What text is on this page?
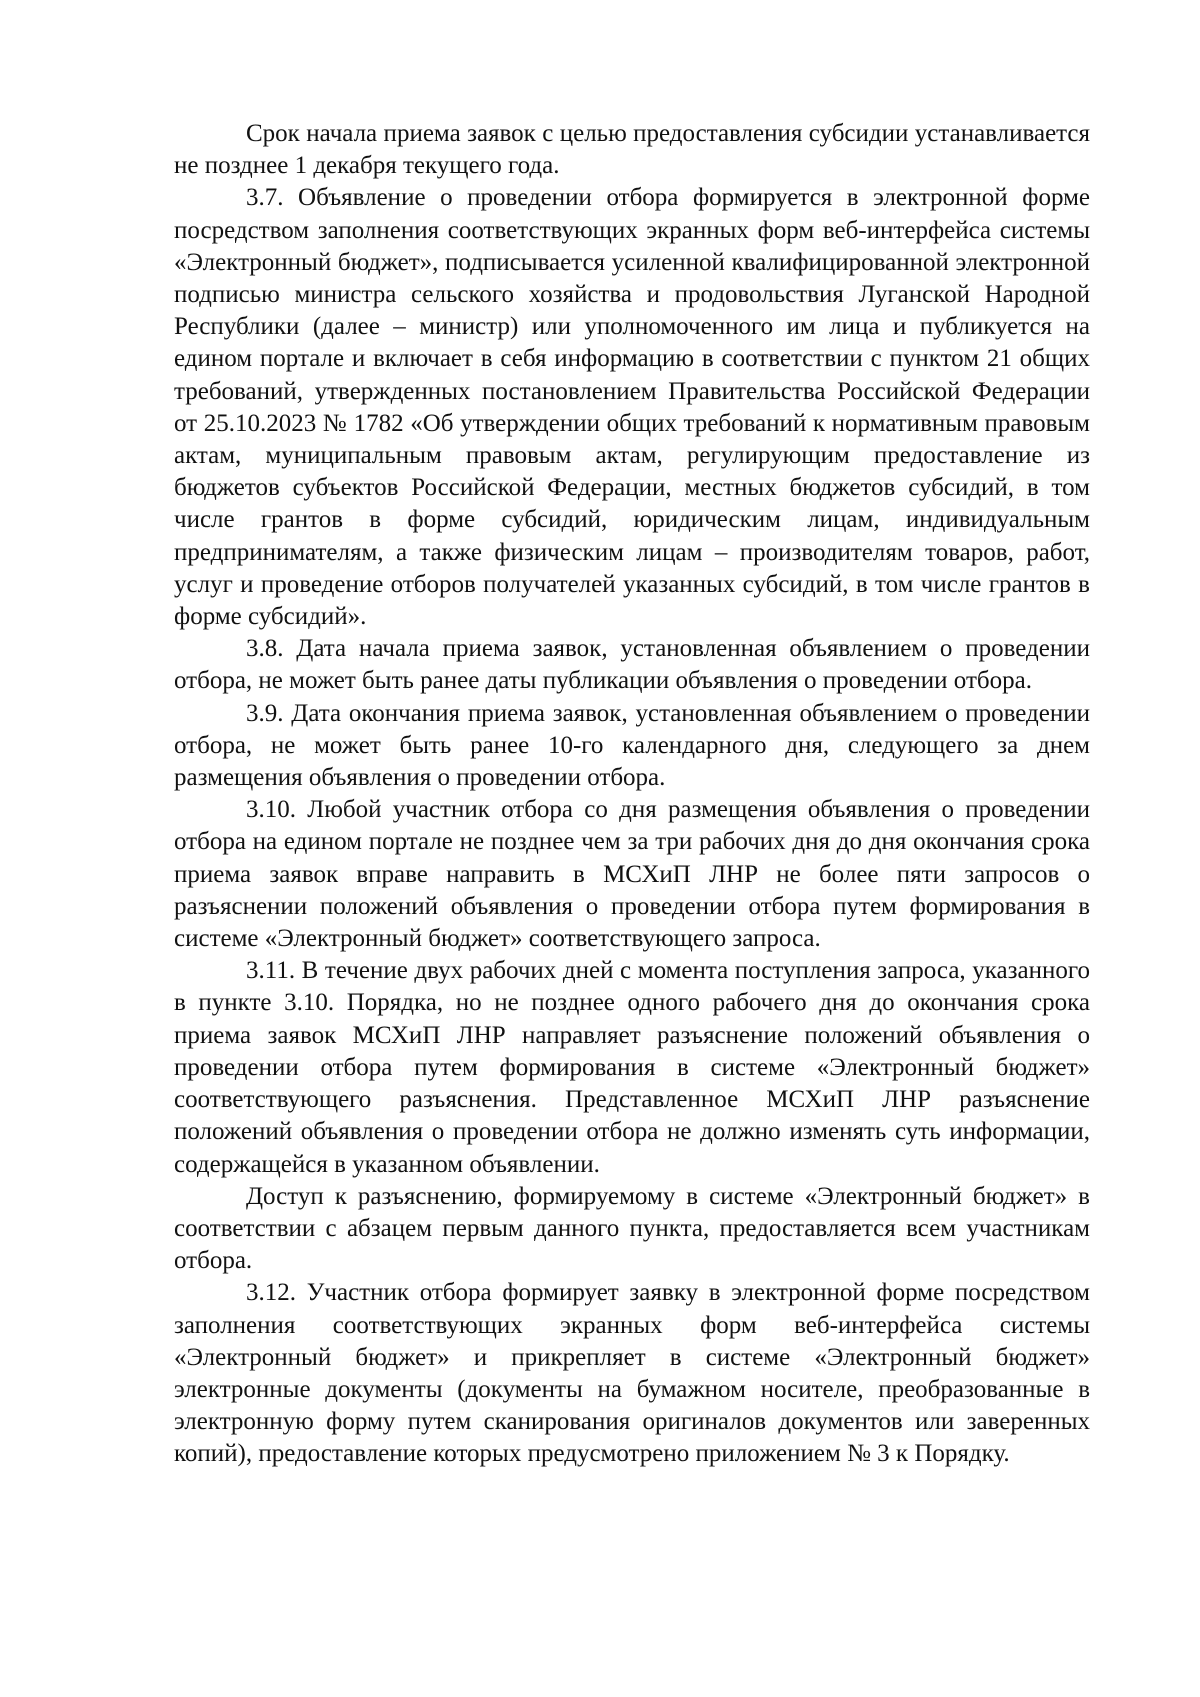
Срок начала приема заявок с целью предоставления субсидии устанавливается не позднее 1 декабря текущего года.

3.7. Объявление о проведении отбора формируется в электронной форме посредством заполнения соответствующих экранных форм веб-интерфейса системы «Электронный бюджет», подписывается усиленной квалифицированной электронной подписью министра сельского хозяйства и продовольствия Луганской Народной Республики (далее – министр) или уполномоченного им лица и публикуется на едином портале и включает в себя информацию в соответствии с пунктом 21 общих требований, утвержденных постановлением Правительства Российской Федерации от 25.10.2023 № 1782 «Об утверждении общих требований к нормативным правовым актам, муниципальным правовым актам, регулирующим предоставление из бюджетов субъектов Российской Федерации, местных бюджетов субсидий, в том числе грантов в форме субсидий, юридическим лицам, индивидуальным предпринимателям, а также физическим лицам – производителям товаров, работ, услуг и проведение отборов получателей указанных субсидий, в том числе грантов в форме субсидий».

3.8. Дата начала приема заявок, установленная объявлением о проведении отбора, не может быть ранее даты публикации объявления о проведении отбора.

3.9. Дата окончания приема заявок, установленная объявлением о проведении отбора, не может быть ранее 10-го календарного дня, следующего за днем размещения объявления о проведении отбора.

3.10. Любой участник отбора со дня размещения объявления о проведении отбора на едином портале не позднее чем за три рабочих дня до дня окончания срока приема заявок вправе направить в МСХиП ЛНР не более пяти запросов о разъяснении положений объявления о проведении отбора путем формирования в системе «Электронный бюджет» соответствующего запроса.

3.11. В течение двух рабочих дней с момента поступления запроса, указанного в пункте 3.10. Порядка, но не позднее одного рабочего дня до окончания срока приема заявок МСХиП ЛНР направляет разъяснение положений объявления о проведении отбора путем формирования в системе «Электронный бюджет» соответствующего разъяснения. Представленное МСХиП ЛНР разъяснение положений объявления о проведении отбора не должно изменять суть информации, содержащейся в указанном объявлении.

Доступ к разъяснению, формируемому в системе «Электронный бюджет» в соответствии с абзацем первым данного пункта, предоставляется всем участникам отбора.

3.12. Участник отбора формирует заявку в электронной форме посредством заполнения соответствующих экранных форм веб-интерфейса системы «Электронный бюджет» и прикрепляет в системе «Электронный бюджет» электронные документы (документы на бумажном носителе, преобразованные в электронную форму путем сканирования оригиналов документов или заверенных копий), предоставление которых предусмотрено приложением № 3 к Порядку.
